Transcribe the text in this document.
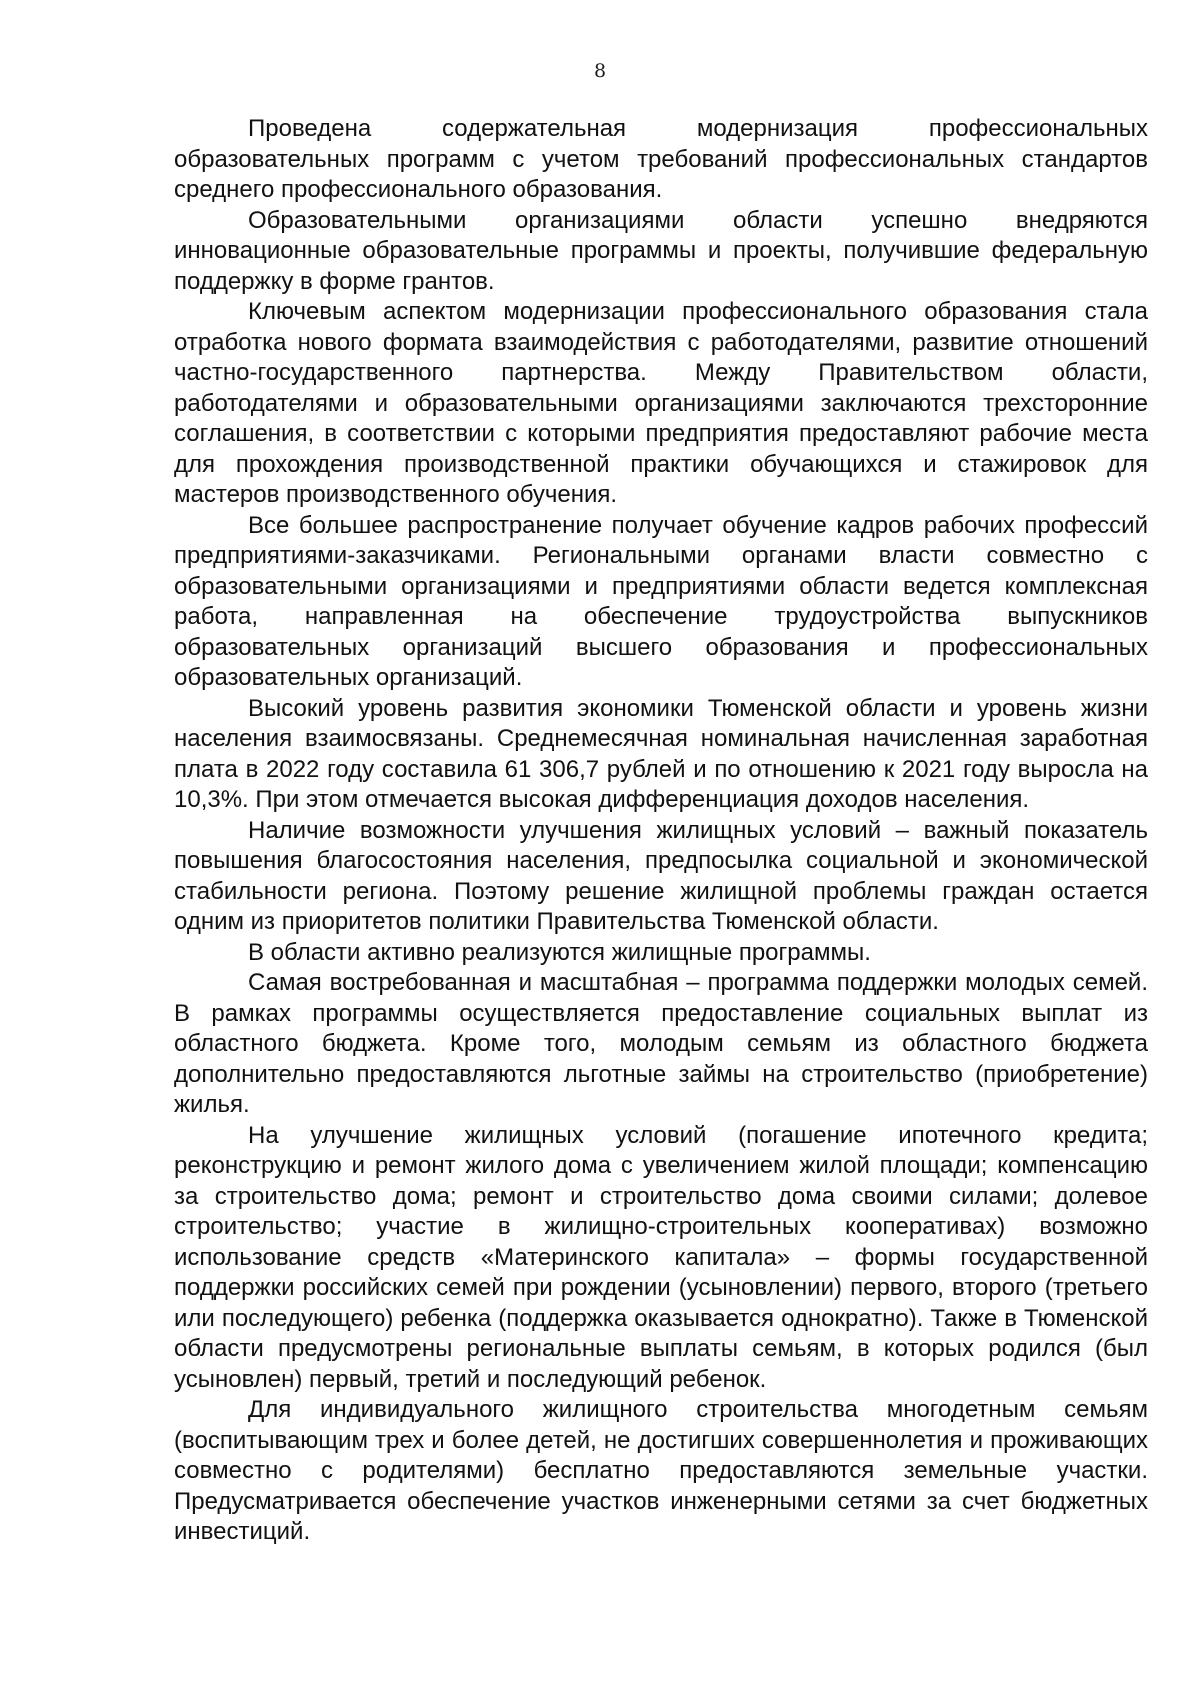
8

Проведена содержательная модернизация профессиональных образовательных программ с учетом требований профессиональных стандартов среднего профессионального образования.

Образовательными организациями области успешно внедряются инновационные образовательные программы и проекты, получившие федеральную поддержку в форме грантов.

Ключевым аспектом модернизации профессионального образования стала отработка нового формата взаимодействия с работодателями, развитие отношений частно-государственного партнерства. Между Правительством области, работодателями и образовательными организациями заключаются трехсторонние соглашения, в соответствии с которыми предприятия предоставляют рабочие места для прохождения производственной практики обучающихся и стажировок для мастеров производственного обучения.

Все большее распространение получает обучение кадров рабочих профессий предприятиями-заказчиками. Региональными органами власти совместно с образовательными организациями и предприятиями области ведется комплексная работа, направленная на обеспечение трудоустройства выпускников образовательных организаций высшего образования и профессиональных образовательных организаций.

Высокий уровень развития экономики Тюменской области и уровень жизни населения взаимосвязаны. Среднемесячная номинальная начисленная заработная плата в 2022 году составила 61 306,7 рублей и по отношению к 2021 году выросла на 10,3%. При этом отмечается высокая дифференциация доходов населения.

Наличие возможности улучшения жилищных условий – важный показатель повышения благосостояния населения, предпосылка социальной и экономической стабильности региона. Поэтому решение жилищной проблемы граждан остается одним из приоритетов политики Правительства Тюменской области.

В области активно реализуются жилищные программы.

Самая востребованная и масштабная – программа поддержки молодых семей. В рамках программы осуществляется предоставление социальных выплат из областного бюджета. Кроме того, молодым семьям из областного бюджета дополнительно предоставляются льготные займы на строительство (приобретение) жилья.

На улучшение жилищных условий (погашение ипотечного кредита; реконструкцию и ремонт жилого дома с увеличением жилой площади; компенсацию за строительство дома; ремонт и строительство дома своими силами; долевое строительство; участие в жилищно-строительных кооперативах) возможно использование средств «Материнского капитала» – формы государственной поддержки российских семей при рождении (усыновлении) первого, второго (третьего или последующего) ребенка (поддержка оказывается однократно). Также в Тюменской области предусмотрены региональные выплаты семьям, в которых родился (был усыновлен) первый, третий и последующий ребенок.

Для индивидуального жилищного строительства многодетным семьям (воспитывающим трех и более детей, не достигших совершеннолетия и проживающих совместно с родителями) бесплатно предоставляются земельные участки. Предусматривается обеспечение участков инженерными сетями за счет бюджетных инвестиций.
